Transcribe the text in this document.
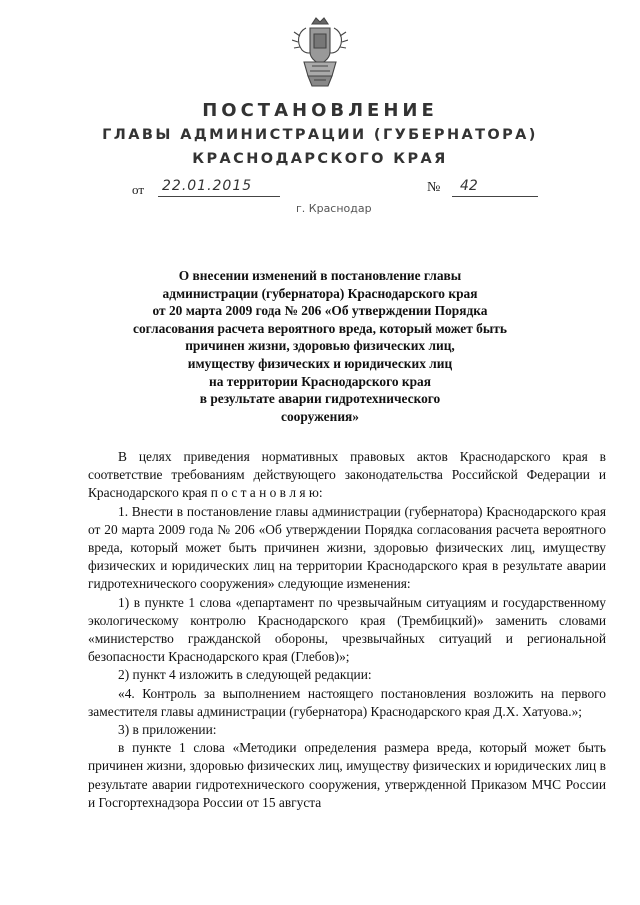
ПОСТАНОВЛЕНИЕ
ГЛАВЫ АДМИНИСТРАЦИИ (ГУБЕРНАТОРА)
КРАСНОДАРСКОГО КРАЯ
от 22.01.2015	№	42
г. Краснодар
О внесении изменений в постановление главы
администрации (губернатора) Краснодарского края
от 20 марта 2009 года № 206 «Об утверждении Порядка
согласования расчета вероятного вреда, который может быть
причинен жизни, здоровью физических лиц,
имуществу физических и юридических лиц
на территории Краснодарского края
в результате аварии гидротехнического
сооружения»

В целях приведения нормативных правовых актов Краснодарского края в соответствие требованиям действующего законодательства Российской Федерации и Краснодарского края п о с т а н о в л я ю:

1. Внести в постановление главы администрации (губернатора) Краснодарского края от 20 марта 2009 года № 206 «Об утверждении Порядка согласования расчета вероятного вреда, который может быть причинен жизни, здоровью физических лиц, имуществу физических и юридических лиц на территории Краснодарского края в результате аварии гидротехнического сооружения» следующие изменения:

1) в пункте 1 слова «департамент по чрезвычайным ситуациям и государственному экологическому контролю Краснодарского края (Трембицкий)» заменить словами «министерство гражданской обороны, чрезвычайных ситуаций и региональной безопасности Краснодарского края (Глебов)»;

2) пункт 4 изложить в следующей редакции:

«4. Контроль за выполнением настоящего постановления возложить на первого заместителя главы администрации (губернатора) Краснодарского края Д.Х. Хатуова.»;

3) в приложении:

в пункте 1 слова «Методики определения размера вреда, который может быть причинен жизни, здоровью физических лиц, имуществу физических и юридических лиц в результате аварии гидротехнического сооружения, утвержденной Приказом МЧС России и Госгортехнадзора России от 15 августа
